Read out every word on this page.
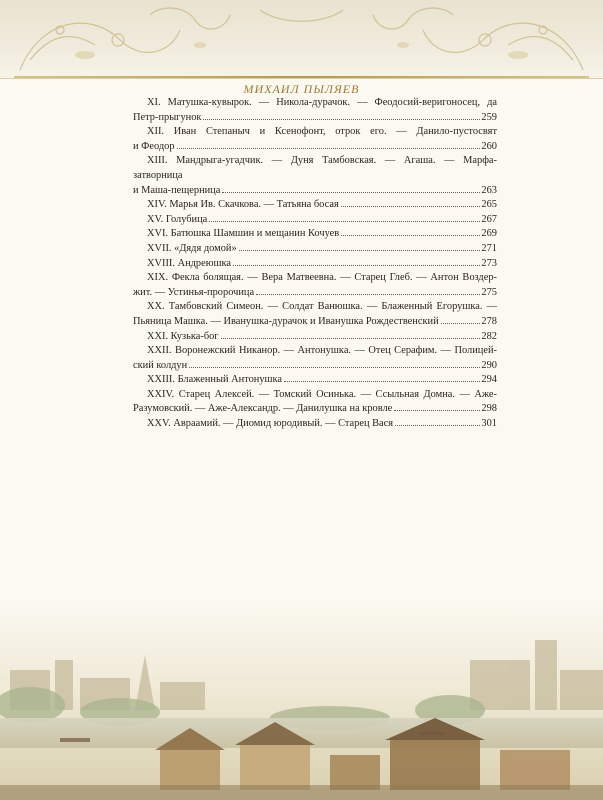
МИХАИЛ ПЫЛЯЕВ
XI. Матушка-кувырок. — Никола-дурачок. — Феодосий-веригоносец, да
Петр-прыгунок	259
XII. Иван Степаныч и Ксенофонт, отрок его. — Данило-пустосвят
и Феодор	260
XIII. Мандрыга-угадчик. — Дуня Тамбовская. — Агаша. — Марфа-затворница
и Маша-пещерница	263
XIV. Марья Ив. Скачкова. — Татьяна босая	265
XV. Голубица	267
XVI. Батюшка Шамшин и мещанин Кочуев	269
XVII. «Дядя домой»	271
XVIII. Андреюшка	273
XIX. Фекла болящая. — Вера Матвеевна. — Старец Глеб. — Антон Воздер-
жит. — Устинья-пророчица	275
XX. Тамбовский Симеон. — Солдат Ванюшка. — Блаженный Егорушка. —
Пьяница Машка. — Иванушка-дурачок и Иванушка Рождественский	278
XXI. Кузька-бог	282
XXII. Воронежский Никанор. — Антонушка. — Отец Серафим. — Полицей-
ский колдун	290
XXIII. Блаженный Антонушка	294
XXIV. Старец Алексей. — Томский Осинька. — Ссыльная Домна. — Аже-
Разумовский. — Аже-Александр. — Данилушка на кровле	298
XXV. Авраамий. — Диомид юродивый. — Старец Вася	301
